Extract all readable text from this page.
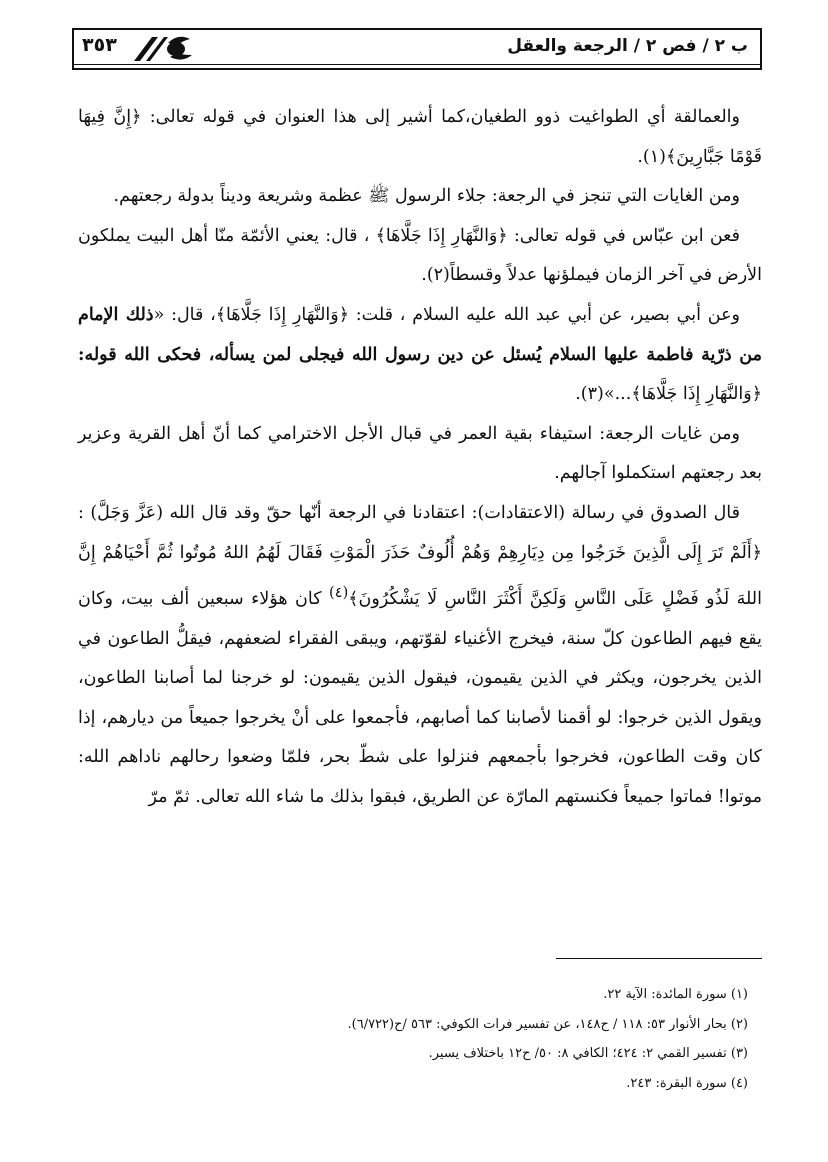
ب ٢ / فص ٢ / الرجعة والعقل
٣٥٣

والعمالقة أي الطواغيت ذوو الطغيان،كما أشير إلى هذا العنوان في قوله تعالى: ﴿إِنَّ فِيهَا قَوْمًا جَبَّارِينَ﴾(١).

ومن الغايات التي تنجز في الرجعة: جلاء الرسول ﷺ عظمة وشريعة وديناً بدولة رجعتهم.

فعن ابن عبّاس في قوله تعالى: ﴿وَالنَّهَارِ إِذَا جَلَّاهَا﴾ ، قال: يعني الأئمّة منّا أهل البيت يملكون الأرض في آخر الزمان فيملؤنها عدلاً وقسطاً(٢).

وعن أبي بصير، عن أبي عبد الله عليه السلام ، قلت: ﴿وَالنَّهَارِ إِذَا جَلَّاهَا﴾، قال: «ذلك الإمام من ذرّية فاطمة عليها السلام يُسئل عن دين رسول الله فيجلى لمن يسأله، فحكى الله قوله: ﴿وَالنَّهَارِ إِذَا جَلَّاهَا﴾...»(٣).

ومن غايات الرجعة: استيفاء بقية العمر في قبال الأجل الاخترامي كما أنّ أهل القرية وعزير بعد رجعتهم استكملوا آجالهم.

قال الصدوق في رسالة (الاعتقادات): اعتقادنا في الرجعة أنّها حقّ وقد قال الله (عَزَّ وَجَلَّ) : ﴿أَلَمْ تَرَ إِلَى الَّذِينَ خَرَجُوا مِن دِيَارِهِمْ وَهُمْ أُلُوفٌ حَذَرَ الْمَوْتِ فَقَالَ لَهُمُ اللهُ مُوتُوا ثُمَّ أَحْيَاهُمْ إِنَّ اللهَ لَذُو فَضْلٍ عَلَى النَّاسِ وَلَكِنَّ أَكْثَرَ النَّاسِ لَا يَشْكُرُونَ﴾$^{(٤)}$ كان هؤلاء سبعين ألف بيت، وكان يقع فيهم الطاعون كلّ سنة، فيخرج الأغنياء لقوّتهم، ويبقى الفقراء لضعفهم، فيقلُّ الطاعون في الذين يخرجون، ويكثر في الذين يقيمون، فيقول الذين يقيمون: لو خرجنا لما أصابنا الطاعون، ويقول الذين خرجوا: لو أقمنا لأصابنا كما أصابهم، فأجمعوا على أنْ يخرجوا جميعاً من ديارهم، إذا كان وقت الطاعون، فخرجوا بأجمعهم فنزلوا على شطّ بحر، فلمّا وضعوا رحالهم ناداهم الله: موتوا! فماتوا جميعاً فكنستهم المارّة عن الطريق، فبقوا بذلك ما شاء الله تعالى. ثمّ مرّ

(١) سورة المائدة: الآية ٢٢.

(٢) بحار الأنوار ٥٣: ١١٨ / ح١٤٨، عن تفسير فرات الكوفي: ٥٦٣ /ح(٦/٧٢٢).

(٣) تفسير القمي ٢: ٤٢٤؛ الكافي ٨: ٥٠/ ح١٢ باختلاف يسير.

(٤) سورة البقرة: ٢٤٣.
